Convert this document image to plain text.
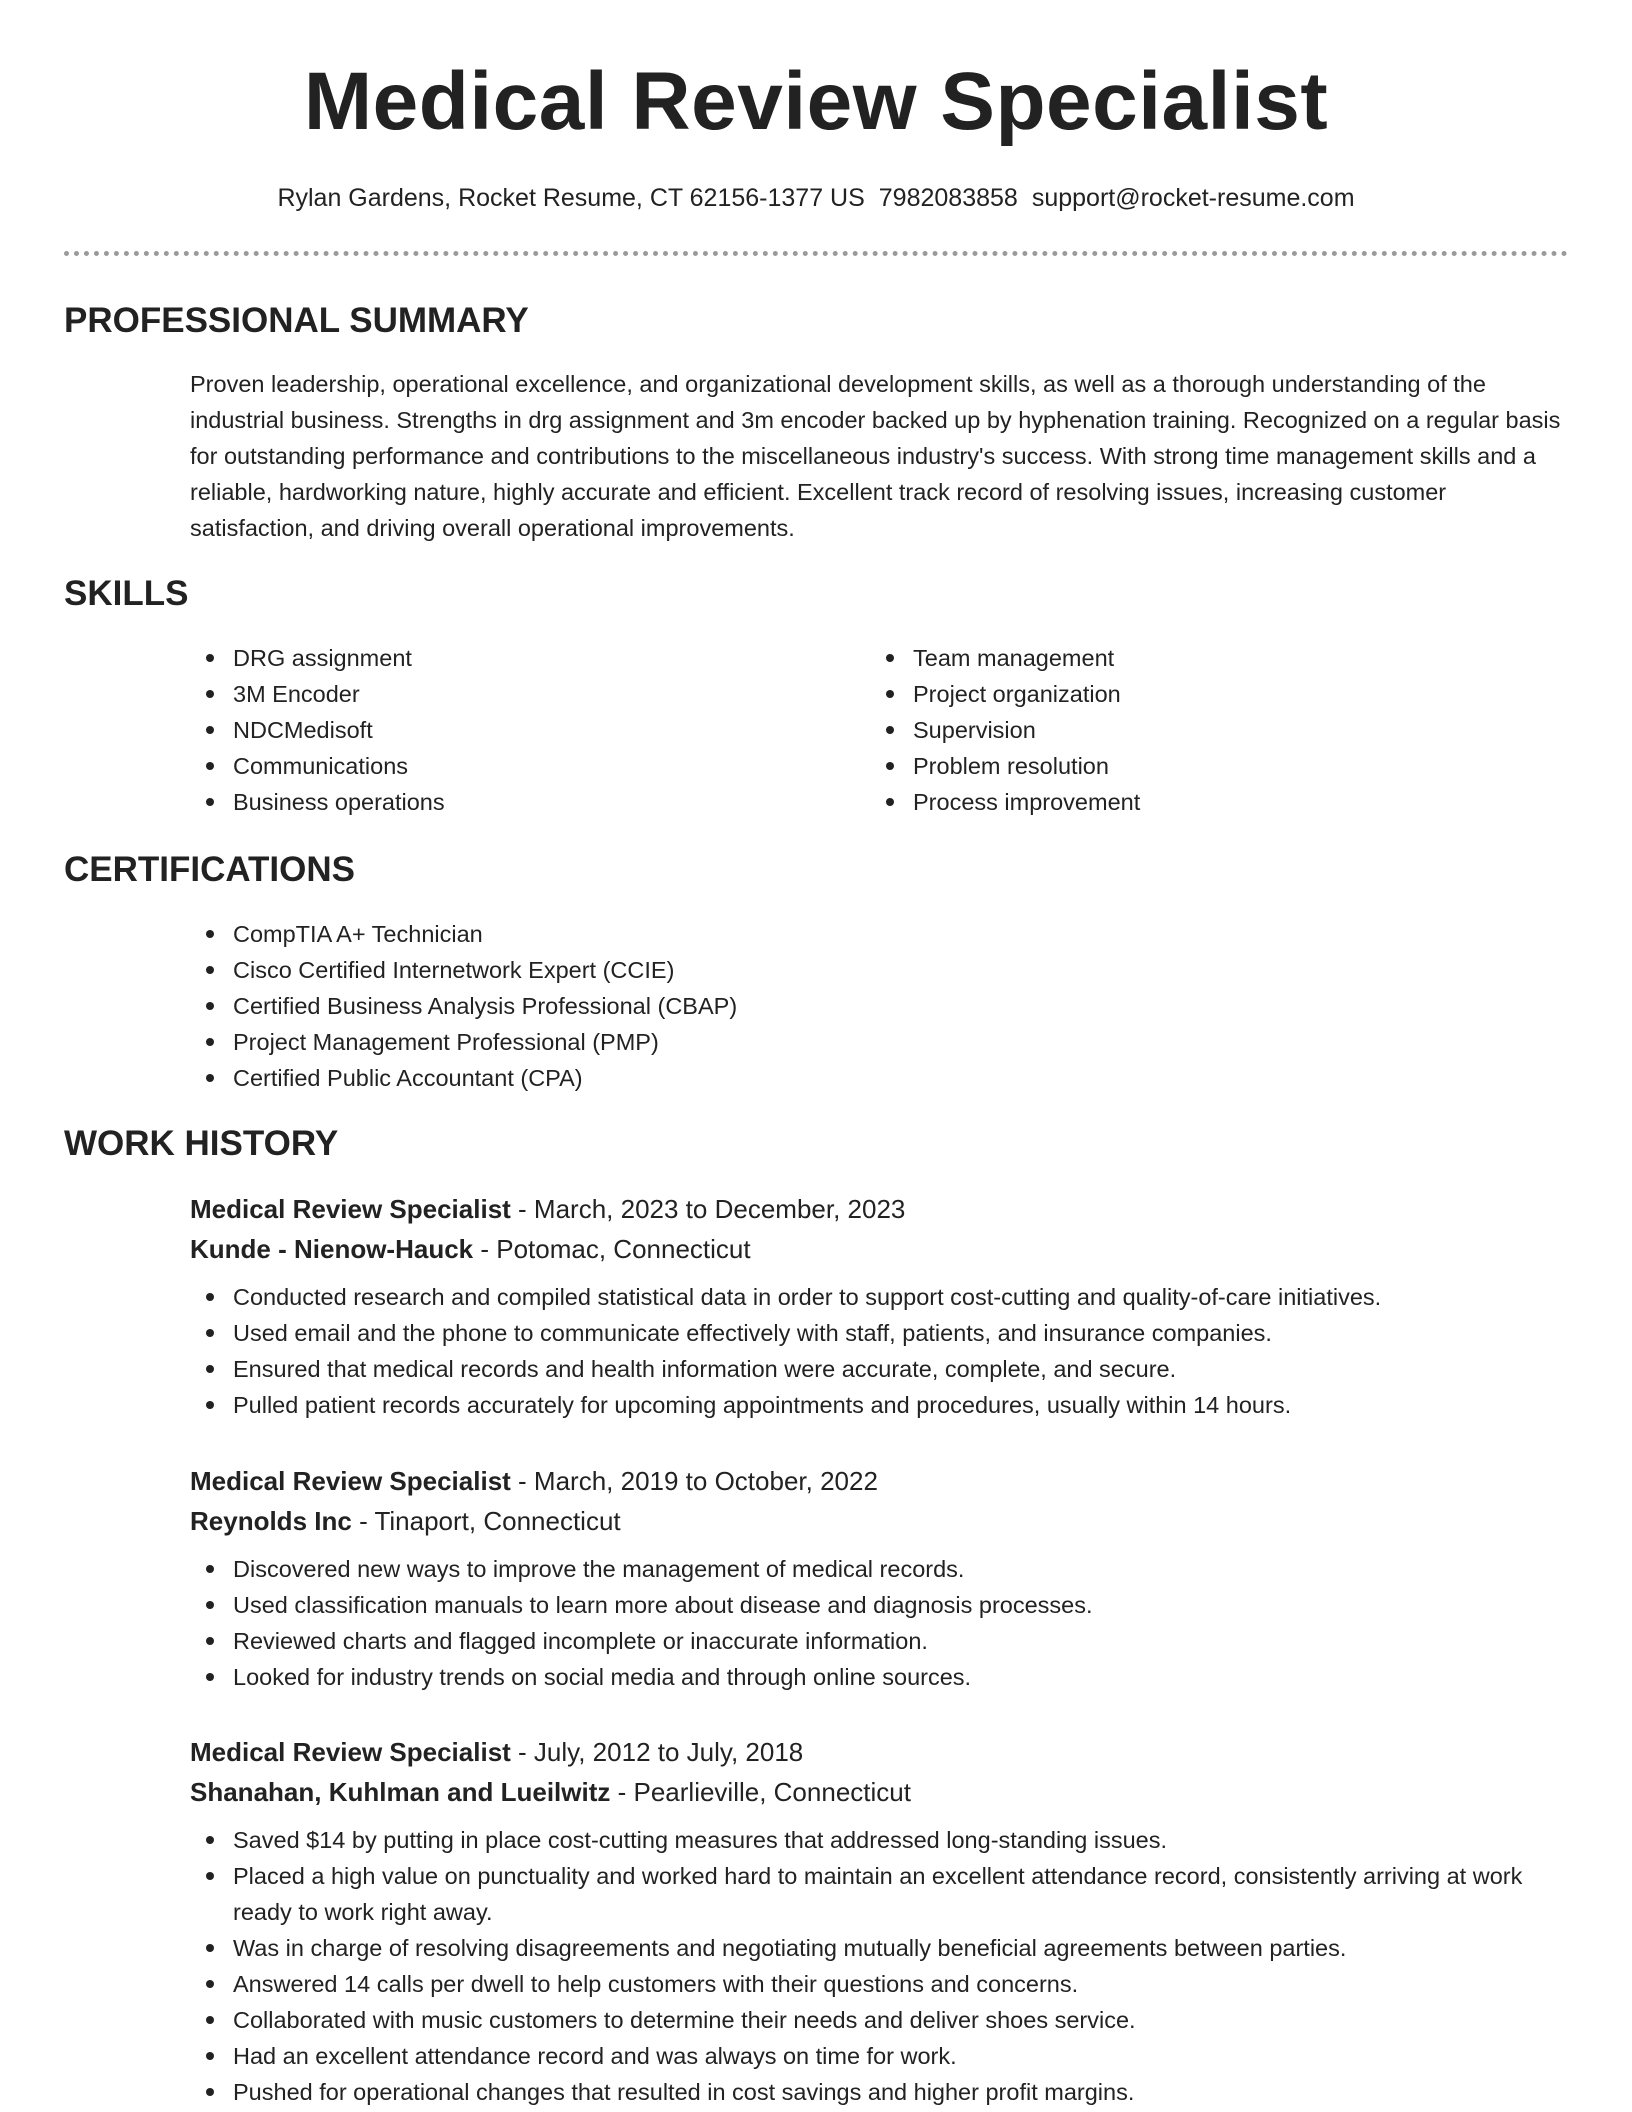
Medical Review Specialist
Rylan Gardens, Rocket Resume, CT 62156-1377 US 7982083858 support@rocket-resume.com
PROFESSIONAL SUMMARY

Proven leadership, operational excellence, and organizational development skills, as well as a thorough understanding of the industrial business. Strengths in drg assignment and 3m encoder backed up by hyphenation training. Recognized on a regular basis for outstanding performance and contributions to the miscellaneous industry's success. With strong time management skills and a reliable, hardworking nature, highly accurate and efficient. Excellent track record of resolving issues, increasing customer satisfaction, and driving overall operational improvements.

SKILLS
DRG assignment
3M Encoder
NDCMedisoft
Communications
Business operations
Team management
Project organization
Supervision
Problem resolution
Process improvement
CERTIFICATIONS
CompTIA A+ Technician
Cisco Certified Internetwork Expert (CCIE)
Certified Business Analysis Professional (CBAP)
Project Management Professional (PMP)
Certified Public Accountant (CPA)
WORK HISTORY
Medical Review Specialist - March, 2023 to December, 2023
Kunde - Nienow-Hauck - Potomac, Connecticut
Conducted research and compiled statistical data in order to support cost-cutting and quality-of-care initiatives.
Used email and the phone to communicate effectively with staff, patients, and insurance companies.
Ensured that medical records and health information were accurate, complete, and secure.
Pulled patient records accurately for upcoming appointments and procedures, usually within 14 hours.
Medical Review Specialist - March, 2019 to October, 2022
Reynolds Inc - Tinaport, Connecticut
Discovered new ways to improve the management of medical records.
Used classification manuals to learn more about disease and diagnosis processes.
Reviewed charts and flagged incomplete or inaccurate information.
Looked for industry trends on social media and through online sources.
Medical Review Specialist - July, 2012 to July, 2018
Shanahan, Kuhlman and Lueilwitz - Pearlieville, Connecticut
Saved $14 by putting in place cost-cutting measures that addressed long-standing issues.
Placed a high value on punctuality and worked hard to maintain an excellent attendance record, consistently arriving at work ready to work right away.
Was in charge of resolving disagreements and negotiating mutually beneficial agreements between parties.
Answered 14 calls per dwell to help customers with their questions and concerns.
Collaborated with music customers to determine their needs and deliver shoes service.
Had an excellent attendance record and was always on time for work.
Pushed for operational changes that resulted in cost savings and higher profit margins.
